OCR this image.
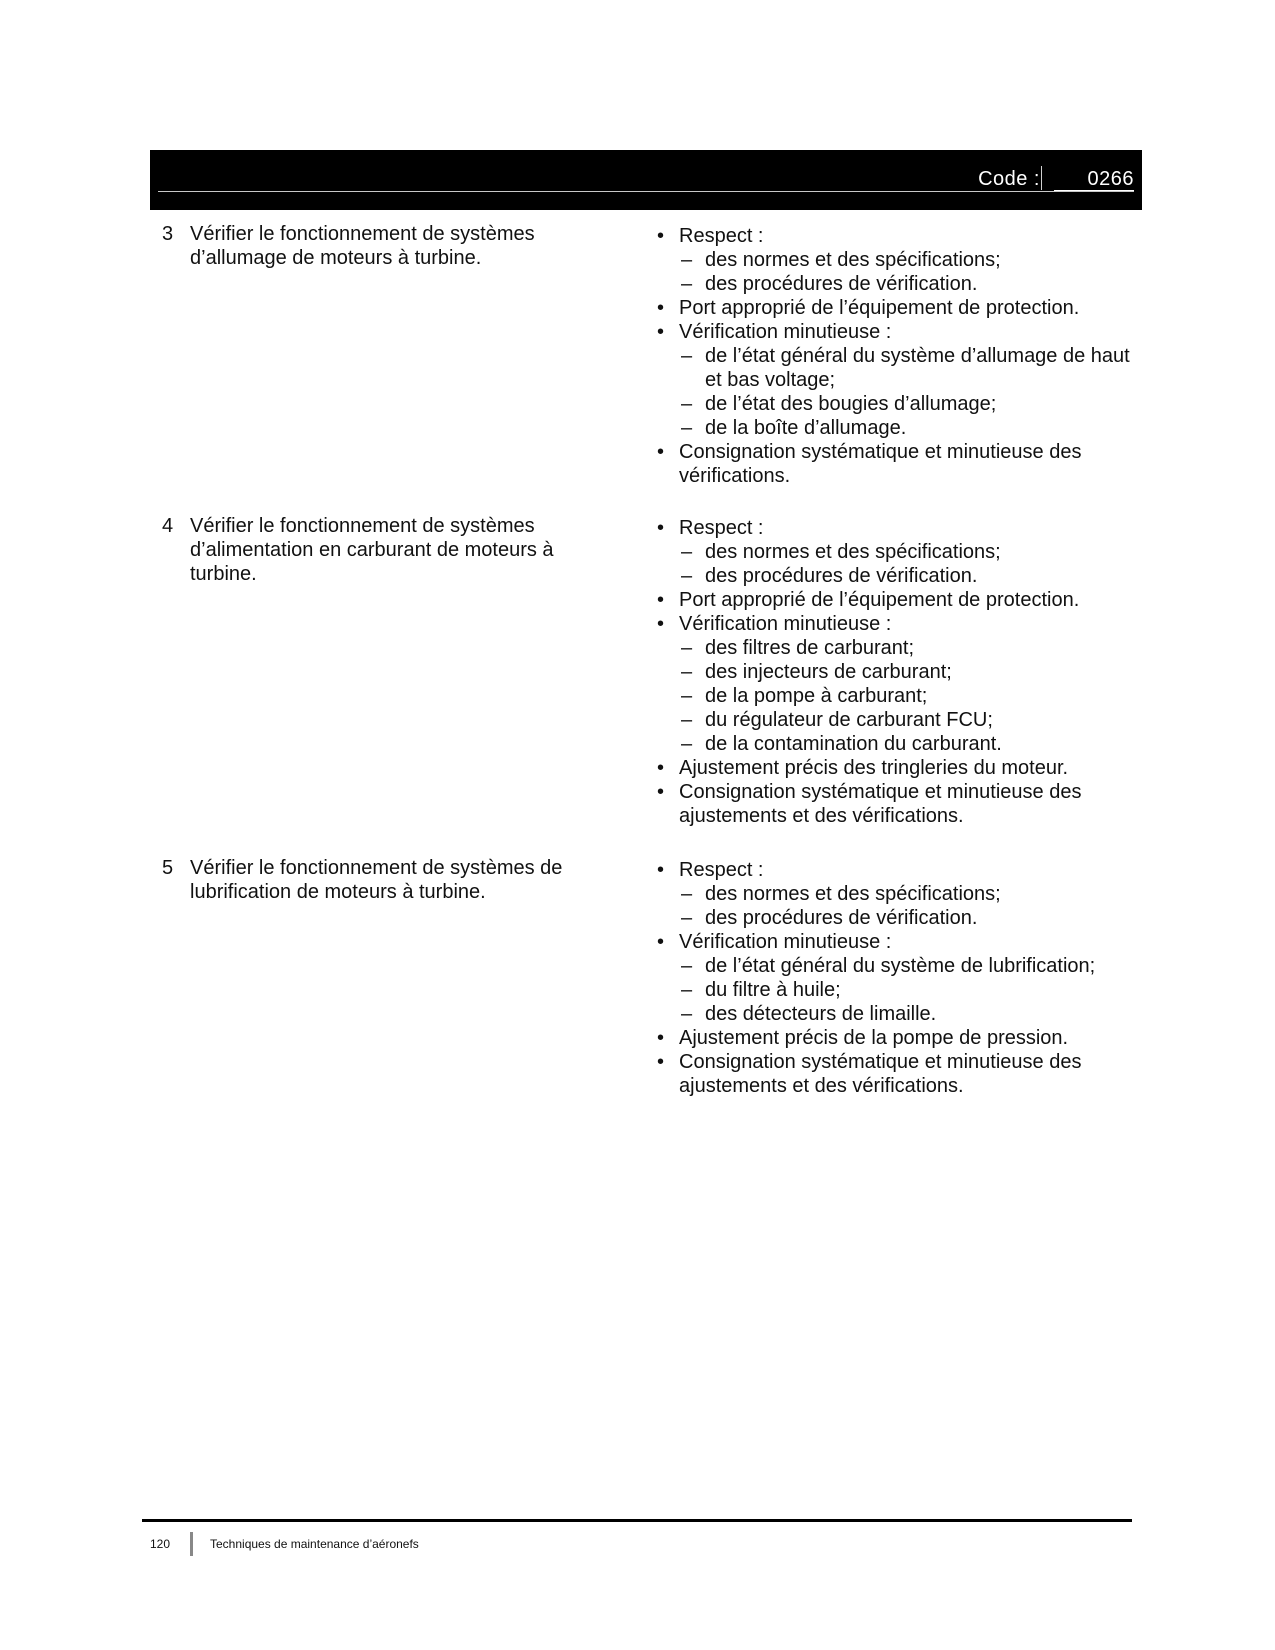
Code : 0266
3 Vérifier le fonctionnement de systèmes d’allumage de moteurs à turbine.
• Respect :
– des normes et des spécifications;
– des procédures de vérification.
• Port approprié de l’équipement de protection.
• Vérification minutieuse :
– de l’état général du système d’allumage de haut et bas voltage;
– de l’état des bougies d’allumage;
– de la boîte d’allumage.
• Consignation systématique et minutieuse des vérifications.
4 Vérifier le fonctionnement de systèmes d’alimentation en carburant de moteurs à turbine.
• Respect :
– des normes et des spécifications;
– des procédures de vérification.
• Port approprié de l’équipement de protection.
• Vérification minutieuse :
– des filtres de carburant;
– des injecteurs de carburant;
– de la pompe à carburant;
– du régulateur de carburant FCU;
– de la contamination du carburant.
• Ajustement précis des tringleries du moteur.
• Consignation systématique et minutieuse des ajustements et des vérifications.
5 Vérifier le fonctionnement de systèmes de lubrification de moteurs à turbine.
• Respect :
– des normes et des spécifications;
– des procédures de vérification.
• Vérification minutieuse :
– de l’état général du système de lubrification;
– du filtre à huile;
– des détecteurs de limaille.
• Ajustement précis de la pompe de pression.
• Consignation systématique et minutieuse des ajustements et des vérifications.
120	Techniques de maintenance d’aéronefs
